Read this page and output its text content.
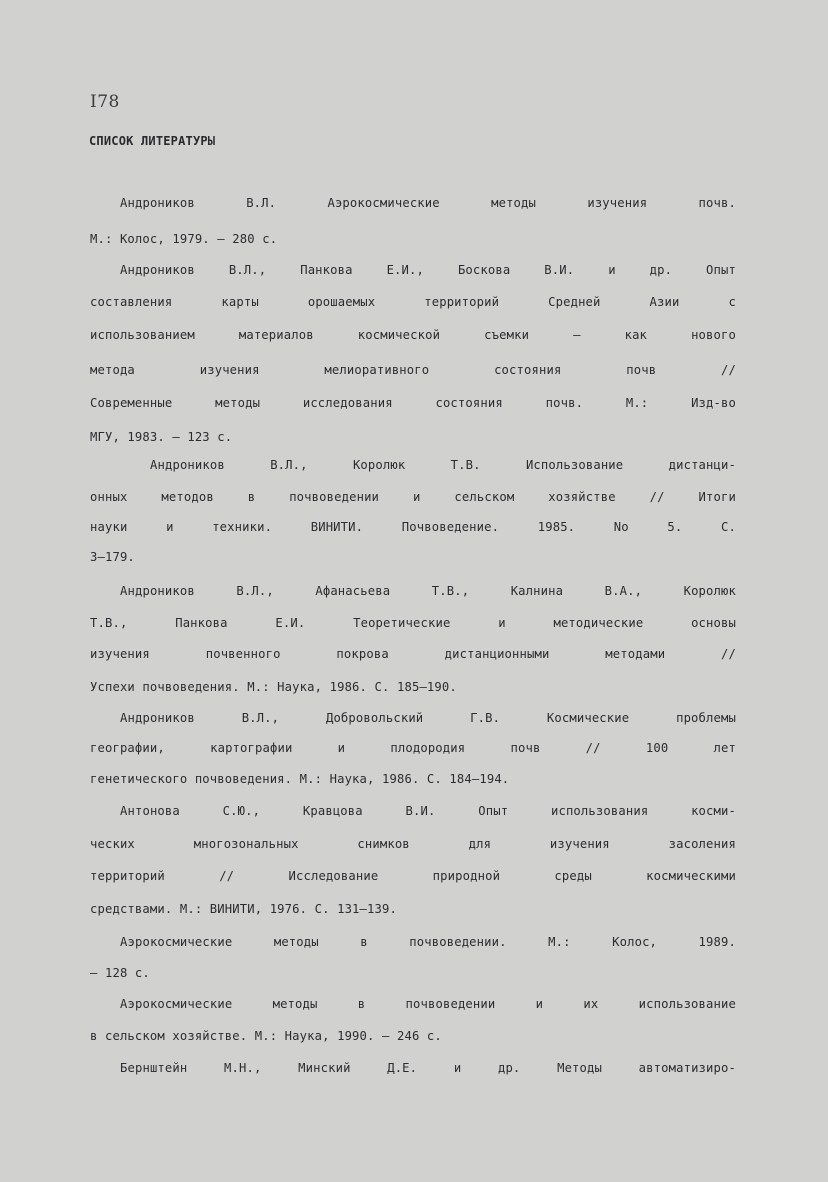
I78
СПИСОК ЛИТЕРАТУРЫ
Андроников В.Л. Аэрокосмические методы изучения почв.
М.: Колос, 1979. – 280 с.
Андроников В.Л., Панкова Е.И., Боскова В.И. и др. Опыт
составления карты орошаемых территорий Средней Азии с
использованием материалов космической съемки – как нового
метода изучения мелиоративного состояния почв //
Современные методы исследования состояния почв. М.: Изд-во
МГУ, 1983. – 123 с.
Андроников В.Л., Королюк Т.В. Использование дистанци-
онных методов в почвоведении и сельском хозяйстве // Итоги
науки и техники. ВИНИТИ. Почвоведение. 1985. No 5. С.
3–179.
Андроников В.Л., Афанасьева Т.В., Калнина В.А., Королюк
Т.В., Панкова Е.И. Теоретические и методические основы
изучения почвенного покрова дистанционными методами //
Успехи почвоведения. М.: Наука, 1986. С. 185–190.
Андроников В.Л., Добровольский Г.В. Космические проблемы
географии, картографии и плодородия почв // 100 лет
генетического почвоведения. М.: Наука, 1986. С. 184–194.
Антонова С.Ю., Кравцова В.И. Опыт использования косми-
ческих многозональных снимков для изучения засоления
территорий // Исследование природной среды космическими
средствами. М.: ВИНИТИ, 1976. С. 131–139.
Аэрокосмические методы в почвоведении. М.: Колос, 1989.
– 128 с.
Аэрокосмические методы в почвоведении и их использование
в сельском хозяйстве. М.: Наука, 1990. – 246 с.
Бернштейн М.Н., Минский Д.Е. и др. Методы автоматизиро-
